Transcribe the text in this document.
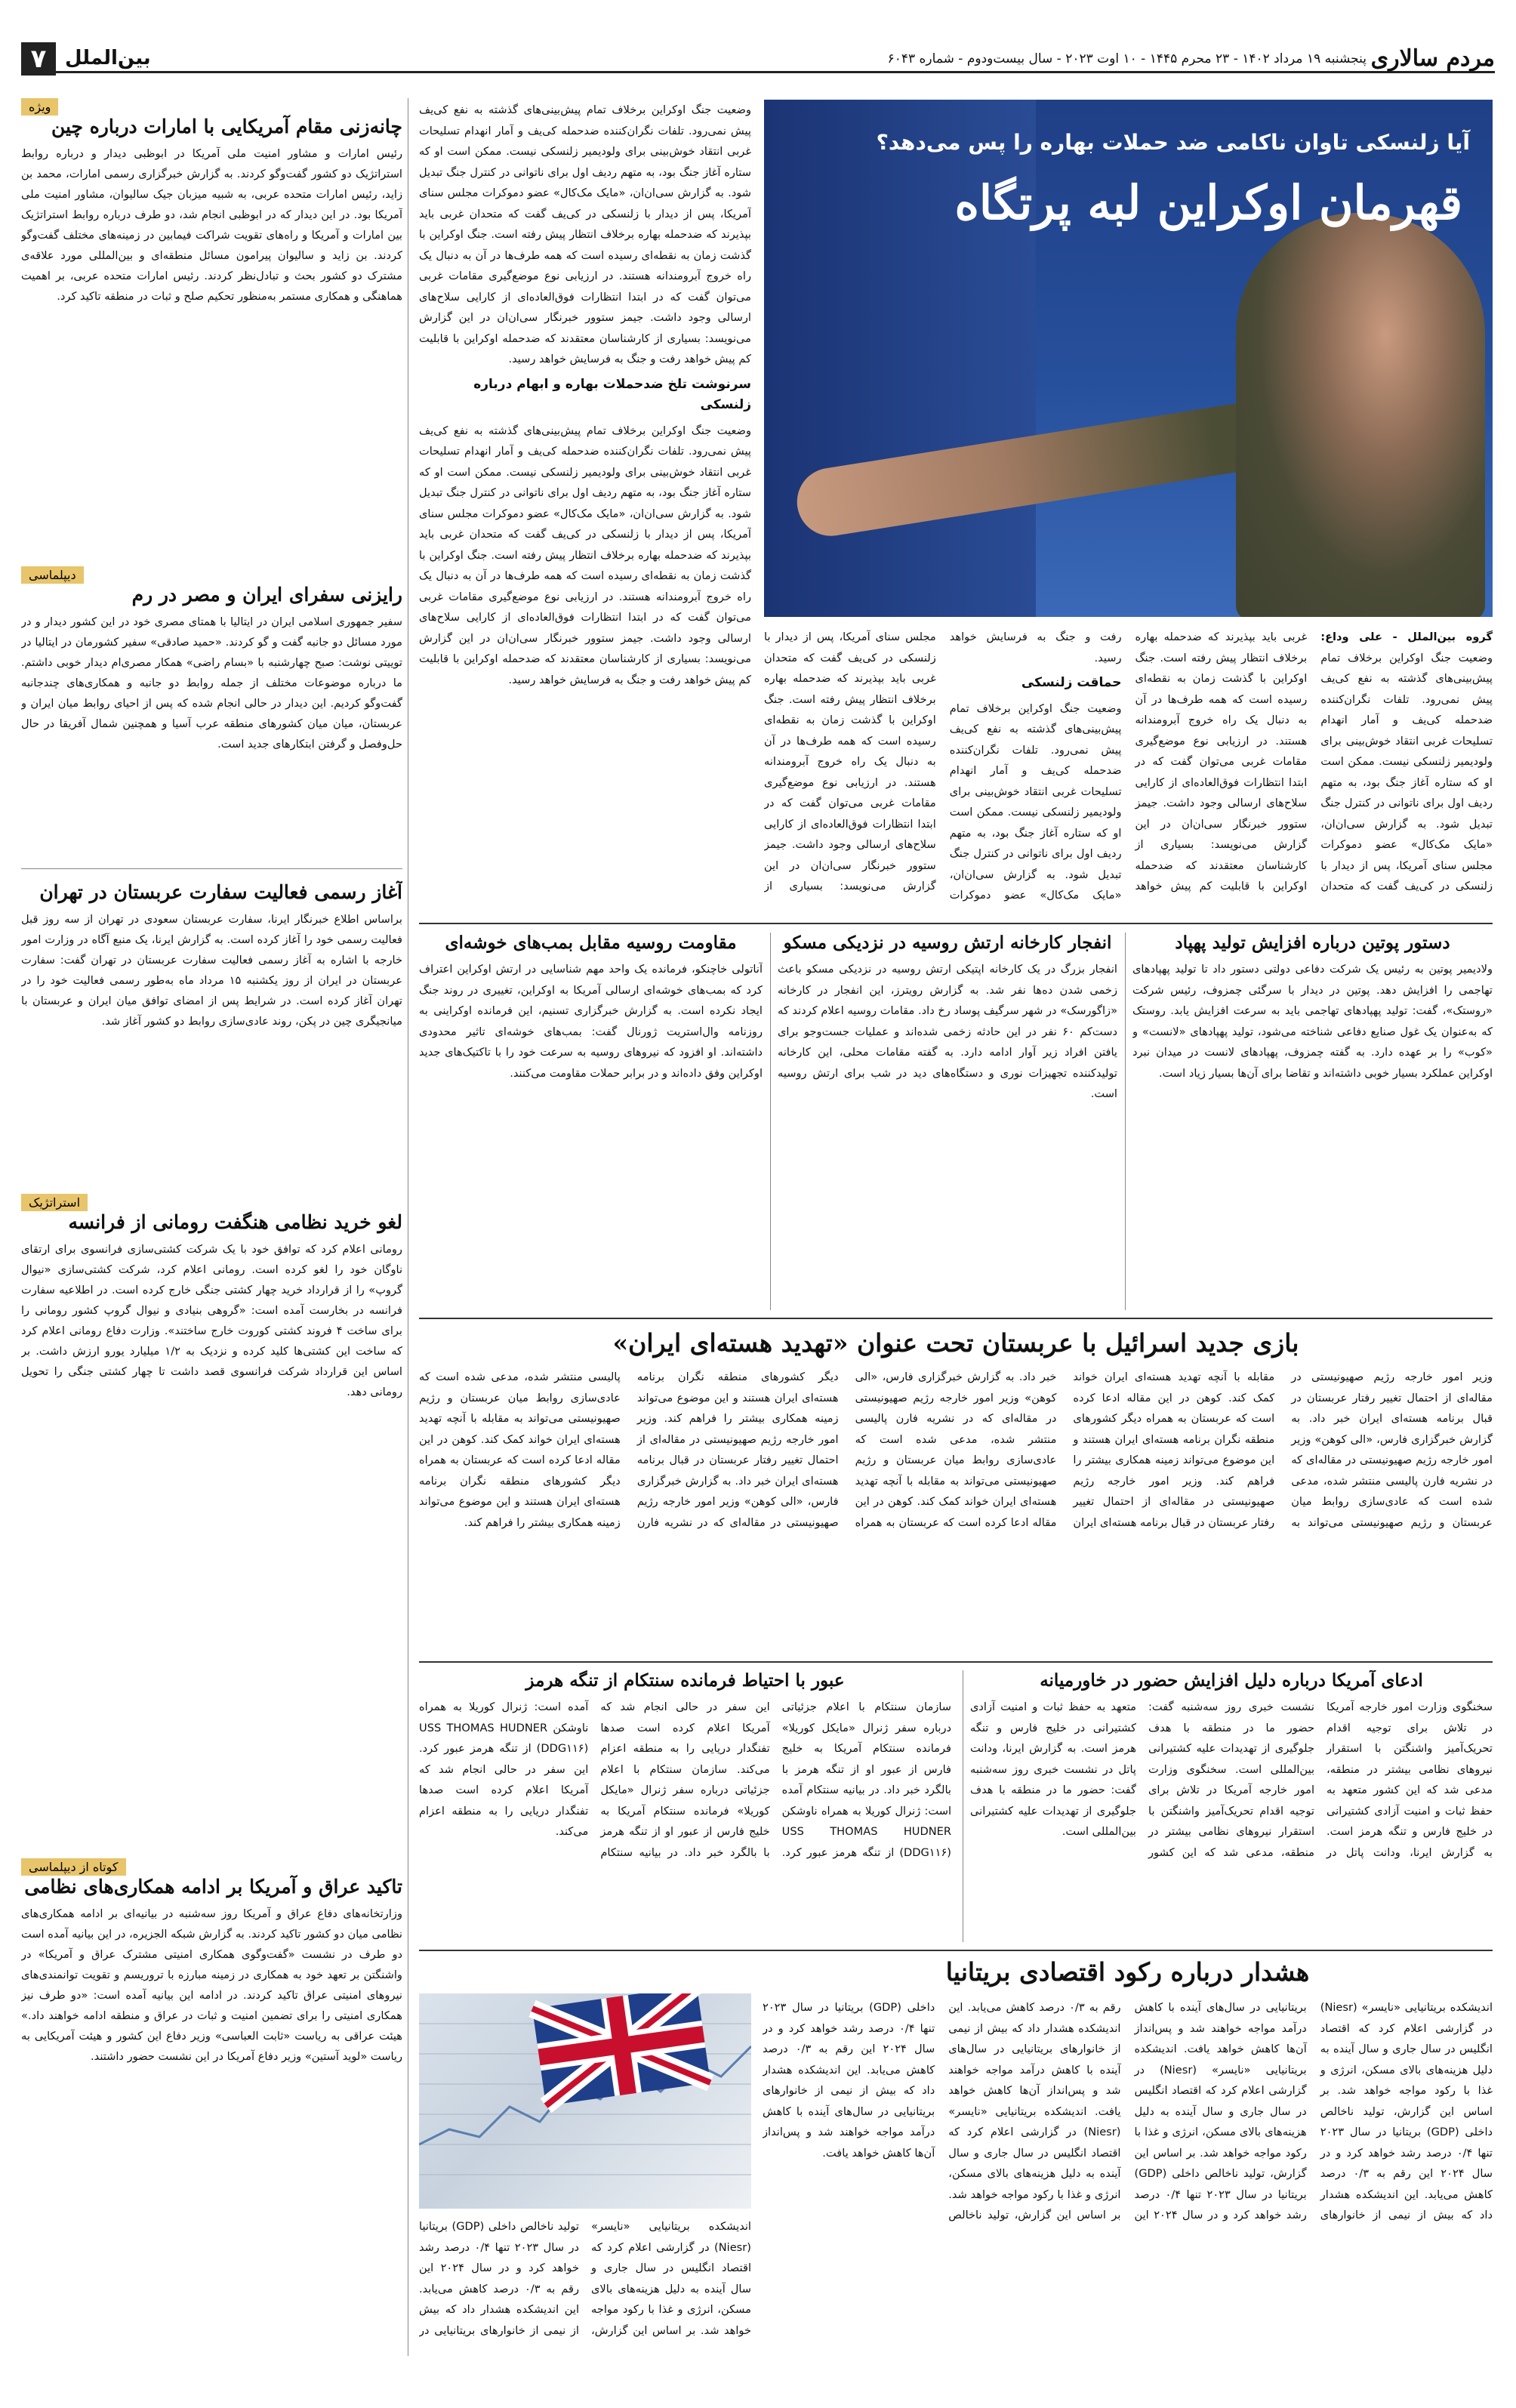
مردم سالاری
پنجشنبه ۱۹ مرداد ۱۴۰۲ - ۲۳ محرم ۱۴۴۵ - ۱۰ اوت ۲۰۲۳ - سال بیست‌ودوم - شماره ۶۰۴۳
بین‌الملل
۷
ویژه
چانه‌زنی مقام آمریکایی با امارات درباره چین
رئیس امارات و مشاور امنیت ملی آمریکا در ابوظبی دیدار و درباره روابط استراتژیک دو کشور گفت‌وگو کردند. به گزارش خبرگزاری رسمی امارات، محمد بن زاید، رئیس امارات متحده عربی، به شبیه میزبان جیک سالیوان، مشاور امنیت ملی آمریکا بود. در این دیدار که در ابوظبی انجام شد، دو طرف درباره روابط استراتژیک بین امارات و آمریکا و راه‌های تقویت شراکت فیمابین در زمینه‌های مختلف گفت‌وگو کردند. بن زاید و سالیوان پیرامون مسائل منطقه‌ای و بین‌المللی مورد علاقه‌ی مشترک دو کشور بحث و تبادل‌نظر کردند. رئیس امارات متحده عربی، بر اهمیت هماهنگی و همکاری مستمر به‌منظور تحکیم صلح و ثبات در منطقه تاکید کرد.
دیپلماسی
رایزنی سفرای ایران و مصر در رم
سفیر جمهوری اسلامی ایران در ایتالیا با همتای مصری خود در این کشور دیدار و در مورد مسائل دو جانبه گفت و گو کردند. «حمید صادقی» سفیر کشورمان در ایتالیا در توییتی نوشت: صبح چهارشنبه با «بسام راضی» همکار مصری‌ام دیدار خوبی داشتم. ما درباره موضوعات مختلف از جمله روابط دو جانبه و همکاری‌های چندجانبه گفت‌وگو کردیم. این دیدار در حالی انجام شده که پس از احیای روابط میان ایران و عربستان، میان میان کشورهای منطقه عرب آسیا و همچنین شمال آفریقا در حال حل‌وفصل و گرفتن ابتکارهای جدید است.
آغاز رسمی فعالیت سفارت عربستان در تهران
براساس اطلاع خبرنگار ایرنا، سفارت عربستان سعودی در تهران از سه روز قبل فعالیت رسمی خود را آغاز کرده است. به گزارش ایرنا، یک منبع آگاه در وزارت امور خارجه با اشاره به آغاز رسمی فعالیت سفارت عربستان در تهران گفت: سفارت عربستان در ایران از روز یکشنبه ۱۵ مرداد ماه به‌طور رسمی فعالیت خود را در تهران آغاز کرده است. در شرایط پس از امضای توافق میان ایران و عربستان با میانجیگری چین در پکن، روند عادی‌سازی روابط دو کشور آغاز شد.
استراتژیک
لغو خرید نظامی هنگفت رومانی از فرانسه
رومانی اعلام کرد که توافق خود با یک شرکت کشتی‌سازی فرانسوی برای ارتقای ناوگان خود را لغو کرده است. رومانی اعلام کرد، شرکت کشتی‌سازی «نیوال گروپ» را از قرارداد خرید چهار کشتی جنگی خارج کرده است. در اطلاعیه سفارت فرانسه در بخارست آمده است: «گروهی بنیادی و نیوال گروپ کشور رومانی را برای ساخت ۴ فروند کشتی کوروت خارج ساختند». وزارت دفاع رومانی اعلام کرد که ساخت این کشتی‌ها کلید کرده و نزدیک به ۱/۲ میلیارد یورو ارزش داشت. بر اساس این قرارداد شرکت فرانسوی قصد داشت تا چهار کشتی جنگی را تحویل رومانی دهد.
کوتاه از دیپلماسی
تاکید عراق و آمریکا بر ادامه همکاری‌های نظامی
وزارتخانه‌های دفاع عراق و آمریکا روز سه‌شنبه در بیانیه‌ای بر ادامه همکاری‌های نظامی میان دو کشور تاکید کردند. به گزارش شبکه الجزیره، در این بیانیه آمده است دو طرف در نشست «گفت‌وگوی همکاری امنیتی مشترک عراق و آمریکا» در واشنگتن بر تعهد خود به همکاری در زمینه مبارزه با تروریسم و تقویت توانمندی‌های نیروهای امنیتی عراق تاکید کردند. در ادامه این بیانیه آمده است: «دو طرف نیز همکاری امنیتی را برای تضمین امنیت و ثبات در عراق و منطقه ادامه خواهند داد.» هیئت عراقی به ریاست «ثابت العباسی» وزیر دفاع این کشور و هیئت آمریکایی به ریاست «لوید آستین» وزیر دفاع آمریکا در این نشست حضور داشتند.
آیا زلنسکی تاوان ناکامی ضد حملات بهاره را پس می‌دهد؟
قهرمان اوکراین لبه پرتگاه
وضعیت جنگ اوکراین برخلاف تمام پیش‌بینی‌های گذشته به نفع کی‌یف پیش نمی‌رود. تلفات نگران‌کننده ضدحمله کی‌یف و آمار انهدام تسلیحات غربی انتقاد خوش‌بینی برای ولودیمیر زلنسکی نیست. ممکن است او که ستاره آغاز جنگ بود، به متهم ردیف اول برای ناتوانی در کنترل جنگ تبدیل شود. به گزارش سی‌ان‌ان، «مایک مک‌کال» عضو دموکرات مجلس سنای آمریکا، پس از دیدار با زلنسکی در کی‌یف گفت که متحدان غربی باید بپذیرند که ضدحمله بهاره برخلاف انتظار پیش رفته است. جنگ اوکراین با گذشت زمان به نقطه‌ای رسیده است که همه طرف‌ها در آن به دنبال یک راه خروج آبرومندانه هستند. در ارزیابی نوع موضع‌گیری مقامات غربی می‌توان گفت که در ابتدا انتظارات فوق‌العاده‌ای از کارایی سلاح‌های ارسالی وجود داشت. جیمز ستوور خبرنگار سی‌ان‌ان در این گزارش می‌نویسد: بسیاری از کارشناسان معتقدند که ضدحمله اوکراین با قابلیت کم پیش خواهد رفت و جنگ به فرسایش خواهد رسید.
سرنوشت تلخ ضدحملات بهاره و ابهام درباره زلنسکی
وضعیت جنگ اوکراین برخلاف تمام پیش‌بینی‌های گذشته به نفع کی‌یف پیش نمی‌رود. تلفات نگران‌کننده ضدحمله کی‌یف و آمار انهدام تسلیحات غربی انتقاد خوش‌بینی برای ولودیمیر زلنسکی نیست. ممکن است او که ستاره آغاز جنگ بود، به متهم ردیف اول برای ناتوانی در کنترل جنگ تبدیل شود. به گزارش سی‌ان‌ان، «مایک مک‌کال» عضو دموکرات مجلس سنای آمریکا، پس از دیدار با زلنسکی در کی‌یف گفت که متحدان غربی باید بپذیرند که ضدحمله بهاره برخلاف انتظار پیش رفته است. جنگ اوکراین با گذشت زمان به نقطه‌ای رسیده است که همه طرف‌ها در آن به دنبال یک راه خروج آبرومندانه هستند. در ارزیابی نوع موضع‌گیری مقامات غربی می‌توان گفت که در ابتدا انتظارات فوق‌العاده‌ای از کارایی سلاح‌های ارسالی وجود داشت. جیمز ستوور خبرنگار سی‌ان‌ان در این گزارش می‌نویسد: بسیاری از کارشناسان معتقدند که ضدحمله اوکراین با قابلیت کم پیش خواهد رفت و جنگ به فرسایش خواهد رسید.
گروه بین‌الملل - علی وداع: وضعیت جنگ اوکراین برخلاف تمام پیش‌بینی‌های گذشته به نفع کی‌یف پیش نمی‌رود. تلفات نگران‌کننده ضدحمله کی‌یف و آمار انهدام تسلیحات غربی انتقاد خوش‌بینی برای ولودیمیر زلنسکی نیست. ممکن است او که ستاره آغاز جنگ بود، به متهم ردیف اول برای ناتوانی در کنترل جنگ تبدیل شود. به گزارش سی‌ان‌ان، «مایک مک‌کال» عضو دموکرات مجلس سنای آمریکا، پس از دیدار با زلنسکی در کی‌یف گفت که متحدان غربی باید بپذیرند که ضدحمله بهاره برخلاف انتظار پیش رفته است. جنگ اوکراین با گذشت زمان به نقطه‌ای رسیده است که همه طرف‌ها در آن به دنبال یک راه خروج آبرومندانه هستند. در ارزیابی نوع موضع‌گیری مقامات غربی می‌توان گفت که در ابتدا انتظارات فوق‌العاده‌ای از کارایی سلاح‌های ارسالی وجود داشت. جیمز ستوور خبرنگار سی‌ان‌ان در این گزارش می‌نویسد: بسیاری از کارشناسان معتقدند که ضدحمله اوکراین با قابلیت کم پیش خواهد رفت و جنگ به فرسایش خواهد رسید.
حماقت زلنسکی
وضعیت جنگ اوکراین برخلاف تمام پیش‌بینی‌های گذشته به نفع کی‌یف پیش نمی‌رود. تلفات نگران‌کننده ضدحمله کی‌یف و آمار انهدام تسلیحات غربی انتقاد خوش‌بینی برای ولودیمیر زلنسکی نیست. ممکن است او که ستاره آغاز جنگ بود، به متهم ردیف اول برای ناتوانی در کنترل جنگ تبدیل شود. به گزارش سی‌ان‌ان، «مایک مک‌کال» عضو دموکرات مجلس سنای آمریکا، پس از دیدار با زلنسکی در کی‌یف گفت که متحدان غربی باید بپذیرند که ضدحمله بهاره برخلاف انتظار پیش رفته است. جنگ اوکراین با گذشت زمان به نقطه‌ای رسیده است که همه طرف‌ها در آن به دنبال یک راه خروج آبرومندانه هستند. در ارزیابی نوع موضع‌گیری مقامات غربی می‌توان گفت که در ابتدا انتظارات فوق‌العاده‌ای از کارایی سلاح‌های ارسالی وجود داشت. جیمز ستوور خبرنگار سی‌ان‌ان در این گزارش می‌نویسد: بسیاری از
دستور پوتین درباره افزایش تولید پهپاد
ولادیمیر پوتین به رئیس یک شرکت دفاعی دولتی دستور داد تا تولید پهپادهای تهاجمی را افزایش دهد. پوتین در دیدار با سرگئی چمزوف، رئیس شرکت «روستک»، گفت: تولید پهپادهای تهاجمی باید به سرعت افزایش یابد. روستک که به‌عنوان یک غول صنایع دفاعی شناخته می‌شود، تولید پهپادهای «لانست» و «کوب» را بر عهده دارد. به گفته چمزوف، پهپادهای لانست در میدان نبرد اوکراین عملکرد بسیار خوبی داشته‌اند و تقاضا برای آن‌ها بسیار زیاد است.
انفجار کارخانه ارتش روسیه در نزدیکی مسکو
انفجار بزرگ در یک کارخانه اپتیکی ارتش روسیه در نزدیکی مسکو باعث زخمی شدن ده‌ها نفر شد. به گزارش رویترز، این انفجار در کارخانه «زاگورسک» در شهر سرگیف پوساد رخ داد. مقامات روسیه اعلام کردند که دست‌کم ۶۰ نفر در این حادثه زخمی شده‌اند و عملیات جست‌وجو برای یافتن افراد زیر آوار ادامه دارد. به گفته مقامات محلی، این کارخانه تولیدکننده تجهیزات نوری و دستگاه‌های دید در شب برای ارتش روسیه است.
مقاومت روسیه مقابل بمب‌های خوشه‌ای
آناتولی خاچنکو، فرمانده یک واحد مهم شناسایی در ارتش اوکراین اعتراف کرد که بمب‌های خوشه‌ای ارسالی آمریکا به اوکراین، تغییری در روند جنگ ایجاد نکرده است. به گزارش خبرگزاری تسنیم، این فرمانده اوکراینی به روزنامه وال‌استریت ژورنال گفت: بمب‌های خوشه‌ای تاثیر محدودی داشته‌اند. او افزود که نیروهای روسیه به سرعت خود را با تاکتیک‌های جدید اوکراین وفق داده‌اند و در برابر حملات مقاومت می‌کنند.
بازی جدید اسرائیل با عربستان تحت عنوان «تهدید هسته‌ای ایران»
وزیر امور خارجه رژیم صهیونیستی در مقاله‌ای از احتمال تغییر رفتار عربستان در قبال برنامه هسته‌ای ایران خبر داد. به گزارش خبرگزاری فارس، «الی کوهن» وزیر امور خارجه رژیم صهیونیستی در مقاله‌ای که در نشریه فارن پالیسی منتشر شده، مدعی شده است که عادی‌سازی روابط میان عربستان و رژیم صهیونیستی می‌تواند به مقابله با آنچه تهدید هسته‌ای ایران خواند کمک کند. کوهن در این مقاله ادعا کرده است که عربستان به همراه دیگر کشورهای منطقه نگران برنامه هسته‌ای ایران هستند و این موضوع می‌تواند زمینه همکاری بیشتر را فراهم کند. وزیر امور خارجه رژیم صهیونیستی در مقاله‌ای از احتمال تغییر رفتار عربستان در قبال برنامه هسته‌ای ایران خبر داد. به گزارش خبرگزاری فارس، «الی کوهن» وزیر امور خارجه رژیم صهیونیستی در مقاله‌ای که در نشریه فارن پالیسی منتشر شده، مدعی شده است که عادی‌سازی روابط میان عربستان و رژیم صهیونیستی می‌تواند به مقابله با آنچه تهدید هسته‌ای ایران خواند کمک کند. کوهن در این مقاله ادعا کرده است که عربستان به همراه دیگر کشورهای منطقه نگران برنامه هسته‌ای ایران هستند و این موضوع می‌تواند زمینه همکاری بیشتر را فراهم کند. وزیر امور خارجه رژیم صهیونیستی در مقاله‌ای از احتمال تغییر رفتار عربستان در قبال برنامه هسته‌ای ایران خبر داد. به گزارش خبرگزاری فارس، «الی کوهن» وزیر امور خارجه رژیم صهیونیستی در مقاله‌ای که در نشریه فارن پالیسی منتشر شده، مدعی شده است که عادی‌سازی روابط میان عربستان و رژیم صهیونیستی می‌تواند به مقابله با آنچه تهدید هسته‌ای ایران خواند کمک کند. کوهن در این مقاله ادعا کرده است که عربستان به همراه دیگر کشورهای منطقه نگران برنامه هسته‌ای ایران هستند و این موضوع می‌تواند زمینه همکاری بیشتر را فراهم کند.
ادعای آمریکا درباره دلیل افزایش حضور در خاورمیانه
سخنگوی وزارت امور خارجه آمریکا در تلاش برای توجیه اقدام تحریک‌آمیز واشنگتن با استقرار نیروهای نظامی بیشتر در منطقه، مدعی شد که این کشور متعهد به حفظ ثبات و امنیت آزادی کشتیرانی در خلیج فارس و تنگه هرمز است. به گزارش ایرنا، ودانت پاتل در نشست خبری روز سه‌شنبه گفت: حضور ما در منطقه با هدف جلوگیری از تهدیدات علیه کشتیرانی بین‌المللی است. سخنگوی وزارت امور خارجه آمریکا در تلاش برای توجیه اقدام تحریک‌آمیز واشنگتن با استقرار نیروهای نظامی بیشتر در منطقه، مدعی شد که این کشور متعهد به حفظ ثبات و امنیت آزادی کشتیرانی در خلیج فارس و تنگه هرمز است. به گزارش ایرنا، ودانت پاتل در نشست خبری روز سه‌شنبه گفت: حضور ما در منطقه با هدف جلوگیری از تهدیدات علیه کشتیرانی بین‌المللی است.
عبور با احتیاط فرمانده سنتکام از تنگه هرمز
سازمان سنتکام با اعلام جزئیاتی درباره سفر ژنرال «مایکل کوریلا» فرمانده سنتکام آمریکا به خلیج فارس از عبور او از تنگه هرمز با بالگرد خبر داد. در بیانیه سنتکام آمده است: ژنرال کوریلا به همراه ناوشکن USS THOMAS HUDNER (DDG۱۱۶) از تنگه هرمز عبور کرد. این سفر در حالی انجام شد که آمریکا اعلام کرده است صدها تفنگدار دریایی را به منطقه اعزام می‌کند. سازمان سنتکام با اعلام جزئیاتی درباره سفر ژنرال «مایکل کوریلا» فرمانده سنتکام آمریکا به خلیج فارس از عبور او از تنگه هرمز با بالگرد خبر داد. در بیانیه سنتکام آمده است: ژنرال کوریلا به همراه ناوشکن USS THOMAS HUDNER (DDG۱۱۶) از تنگه هرمز عبور کرد. این سفر در حالی انجام شد که آمریکا اعلام کرده است صدها تفنگدار دریایی را به منطقه اعزام می‌کند.
هشدار درباره رکود اقتصادی بریتانیا
اندیشکده بریتانیایی «نایسر» (Niesr) در گزارشی اعلام کرد که اقتصاد انگلیس در سال جاری و سال آینده به دلیل هزینه‌های بالای مسکن، انرژی و غذا با رکود مواجه خواهد شد. بر اساس این گزارش، تولید ناخالص داخلی (GDP) بریتانیا در سال ۲۰۲۳ تنها ۰/۴ درصد رشد خواهد کرد و در سال ۲۰۲۴ این رقم به ۰/۳ درصد کاهش می‌یابد. این اندیشکده هشدار داد که بیش از نیمی از خانوارهای بریتانیایی در سال‌های آینده با کاهش درآمد مواجه خواهند شد و پس‌انداز آن‌ها کاهش خواهد یافت. اندیشکده بریتانیایی «نایسر» (Niesr) در گزارشی اعلام کرد که اقتصاد انگلیس در سال جاری و سال آینده به دلیل هزینه‌های بالای مسکن، انرژی و غذا با رکود مواجه خواهد شد. بر اساس این گزارش، تولید ناخالص داخلی (GDP) بریتانیا در سال ۲۰۲۳ تنها ۰/۴ درصد رشد خواهد کرد و در سال ۲۰۲۴ این رقم به ۰/۳ درصد کاهش می‌یابد. این اندیشکده هشدار داد که بیش از نیمی از خانوارهای بریتانیایی در سال‌های آینده با کاهش درآمد مواجه خواهند شد و پس‌انداز آن‌ها کاهش خواهد یافت. اندیشکده بریتانیایی «نایسر» (Niesr) در گزارشی اعلام کرد که اقتصاد انگلیس در سال جاری و سال آینده به دلیل هزینه‌های بالای مسکن، انرژی و غذا با رکود مواجه خواهد شد. بر اساس این گزارش، تولید ناخالص داخلی (GDP) بریتانیا در سال ۲۰۲۳ تنها ۰/۴ درصد رشد خواهد کرد و در سال ۲۰۲۴ این رقم به ۰/۳ درصد کاهش می‌یابد. این اندیشکده هشدار داد که بیش از نیمی از خانوارهای بریتانیایی در سال‌های آینده با کاهش درآمد مواجه خواهند شد و پس‌انداز آن‌ها کاهش خواهد یافت.
اندیشکده بریتانیایی «نایسر» (Niesr) در گزارشی اعلام کرد که اقتصاد انگلیس در سال جاری و سال آینده به دلیل هزینه‌های بالای مسکن، انرژی و غذا با رکود مواجه خواهد شد. بر اساس این گزارش، تولید ناخالص داخلی (GDP) بریتانیا در سال ۲۰۲۳ تنها ۰/۴ درصد رشد خواهد کرد و در سال ۲۰۲۴ این رقم به ۰/۳ درصد کاهش می‌یابد. این اندیشکده هشدار داد که بیش از نیمی از خانوارهای بریتانیایی در
